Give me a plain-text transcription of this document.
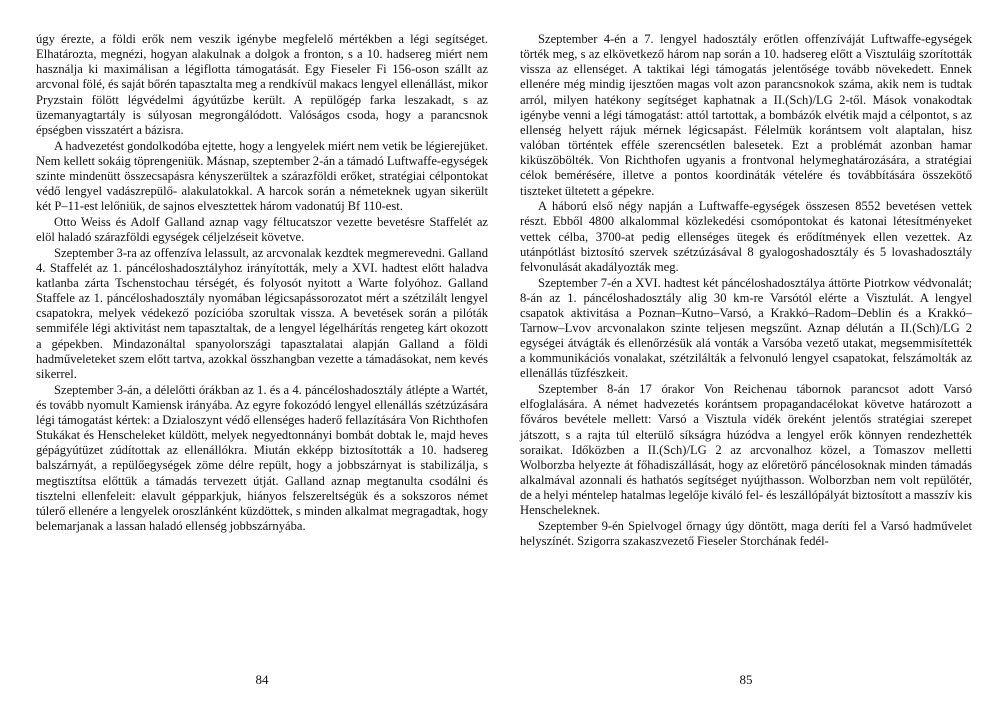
úgy érezte, a földi erők nem veszik igénybe megfelelő mértékben a légi segítséget. Elhatározta, megnézi, hogyan alakulnak a dolgok a fronton, s a 10. hadsereg miért nem használja ki maximálisan a légiflotta támogatását. Egy Fieseler Fi 156-oson szállt az arcvonal fölé, és saját bőrén tapasztalta meg a rendkívül makacs lengyel ellenállást, mikor Pryzstain fölött légvédelmi ágyútűzbe került. A repülőgép farka leszakadt, s az üzemanyagtartály is súlyosan megrongálódott. Valóságos csoda, hogy a parancsnok épségben visszatért a bázisra.

A hadvezetést gondolkodóba ejtette, hogy a lengyelek miért nem vetik be légierejüket. Nem kellett sokáig töprengeniük. Másnap, szeptember 2-án a támadó Luftwaffe-egységek szinte mindenütt összecsapásra kényszerültek a szárazföldi erőket, stratégiai célpontokat védő lengyel vadászrepülő- alakulatokkal. A harcok során a németeknek ugyan sikerült két P–11-est lelőniük, de sajnos elvesztettek három vadonatúj Bf 110-est.

Otto Weiss és Adolf Galland aznap vagy féltucatszor vezette bevetésre Staffelét az elöl haladó szárazföldi egységek céljelzéseit követve.

Szeptember 3-ra az offenzíva lelassult, az arcvonalak kezdtek megmerevedni. Galland 4. Staffelét az 1. páncéloshadosztályhoz irányították, mely a XVI. hadtest előtt haladva katlanba zárta Tschenstochau térségét, és folyosót nyitott a Warte folyóhoz. Galland Staffele az 1. páncéloshadosztály nyomában légicsapássorozatot mért a szétzilált lengyel csapatokra, melyek védekező pozícióba szorultak vissza. A bevetések során a pilóták semmiféle légi aktivitást nem tapasztaltak, de a lengyel légelhárítás rengeteg kárt okozott a gépekben. Mindazonáltal spanyolországi tapasztalatai alapján Galland a földi hadműveleteket szem előtt tartva, azokkal összhangban vezette a támadásokat, nem kevés sikerrel.

Szeptember 3-án, a délelőtti órákban az 1. és a 4. páncéloshadosztály átlépte a Wartét, és tovább nyomult Kamiensk irányába. Az egyre fokozódó lengyel ellenállás szétzúzására légi támogatást kértek: a Dzialoszynt védő ellenséges haderő fellazítására Von Richthofen Stukákat és Henscheleket küldött, melyek negyedtonnányi bombát dobtak le, majd heves gépágyútüzet zúdítottak az ellenállókra. Miután ekképp biztosították a 10. hadsereg balszárnyát, a repülőegységek zöme délre repült, hogy a jobbszárnyat is stabilizálja, s megtisztítsa előttük a támadás tervezett útját. Galland aznap megtanulta csodálni és tisztelni ellenfeleit: elavult gépparkjuk, hiányos felszereltségük és a sokszoros német túlerő ellenére a lengyelek oroszlánként küzdöttek, s minden alkalmat megragadtak, hogy belemarjanak a lassan haladó ellenség jobbszárnyába.

84

Szeptember 4-én a 7. lengyel hadosztály erőtlen offenzíváját Luftwaffe-egységek törték meg, s az elkövetkező három nap során a 10. hadsereg előtt a Visztuláig szorították vissza az ellenséget. A taktikai légi támogatás jelentősége tovább növekedett. Ennek ellenére még mindig ijesztően magas volt azon parancsnokok száma, akik nem is tudtak arról, milyen hatékony segítséget kaphatnak a II.(Sch)/LG 2-től. Mások vonakodtak igénybe venni a légi támogatást: attól tartottak, a bombázók elvétik majd a célpontot, s az ellenség helyett rájuk mérnek légicsapást. Félelmük korántsem volt alaptalan, hisz valóban történtek efféle szerencsétlen balesetek. Ezt a problémát azonban hamar kiküszöbölték. Von Richthofen ugyanis a frontvonal helymeghatározására, a stratégiai célok bemérésére, illetve a pontos koordináták vételére és továbbítására összekötő tiszteket ültetett a gépekre.

A háború első négy napján a Luftwaffe-egységek összesen 8552 bevetésen vettek részt. Ebből 4800 alkalommal közlekedési csomópontokat és katonai létesítményeket vettek célba, 3700-at pedig ellenséges ütegek és erődítmények ellen vezettek. Az utánpótlást biztosító szervek szétzúzásával 8 gyalogoshadosztály és 5 lovashadosztály felvonulását akadályozták meg.

Szeptember 7-én a XVI. hadtest két páncéloshadosztálya áttörte Piotrkow védvonalát; 8-án az 1. páncéloshadosztály alig 30 km-re Varsótól elérte a Visztulát. A lengyel csapatok aktivitása a Poznan–Kutno–Varsó, a Krakkó–Radom–Deblin és a Krakkó–Tarnow–Lvov arcvonalakon szinte teljesen megszűnt. Aznap délután a II.(Sch)/LG 2 egységei átvágták és ellenőrzésük alá vonták a Varsóba vezető utakat, megsemmisítették a kommunikációs vonalakat, szétzilálták a felvonuló lengyel csapatokat, felszámolták az ellenállás tűzfészkeit.

Szeptember 8-án 17 órakor Von Reichenau tábornok parancsot adott Varsó elfoglalására. A német hadvezetés korántsem propagandacélokat követve határozott a főváros bevétele mellett: Varsó a Visztula vidék öreként jelentős stratégiai szerepet játszott, s a rajta túl elterülő síkságra húzódva a lengyel erők könnyen rendezhették soraikat. Időközben a II.(Sch)/LG 2 az arcvonalhoz közel, a Tomaszov melletti Wolborzba helyezte át főhadiszállását, hogy az előretörő páncélosoknak minden támadás alkalmával azonnali és hathatós segítséget nyújthasson. Wolborzban nem volt repülőtér, de a helyi méntelep hatalmas legelője kiváló fel- és leszállópályát biztosított a masszív kis Henscheleknek.

Szeptember 9-én Spielvogel őrnagy úgy döntött, maga deríti fel a Varsó hadművelet helyszínét. Szigorra szakaszvezető Fieseler Storchának fedél-

85
